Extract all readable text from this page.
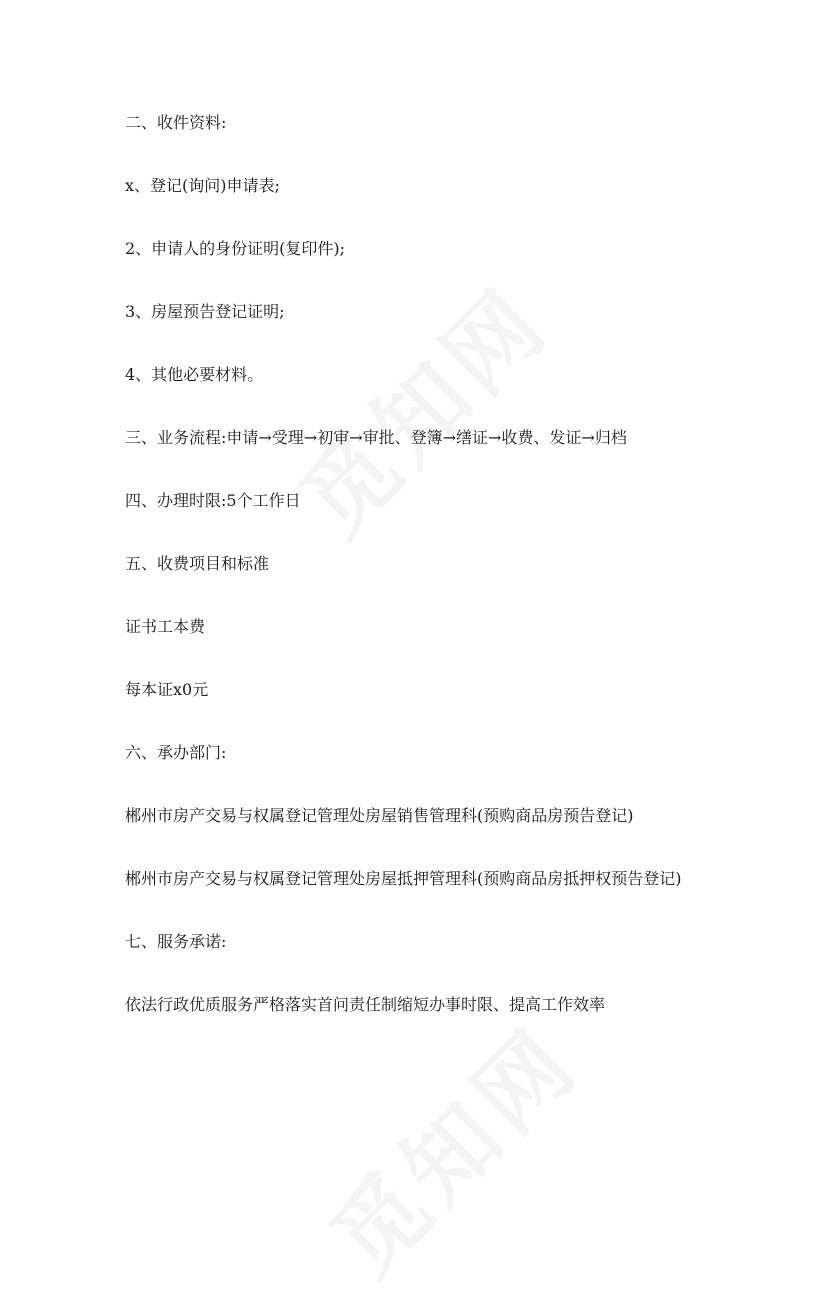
二、收件资料:

x、登记(询问)申请表;

2、申请人的身份证明(复印件);

3、房屋预告登记证明;

4、其他必要材料。

三、业务流程:申请→受理→初审→审批、登簿→缮证→收费、发证→归档

四、办理时限:5个工作日

五、收费项目和标准

证书工本费

每本证x0元

六、承办部门:

郴州市房产交易与权属登记管理处房屋销售管理科(预购商品房预告登记)

郴州市房产交易与权属登记管理处房屋抵押管理科(预购商品房抵押权预告登记)

七、服务承诺:

依法行政优质服务严格落实首问责任制缩短办事时限、提高工作效率
